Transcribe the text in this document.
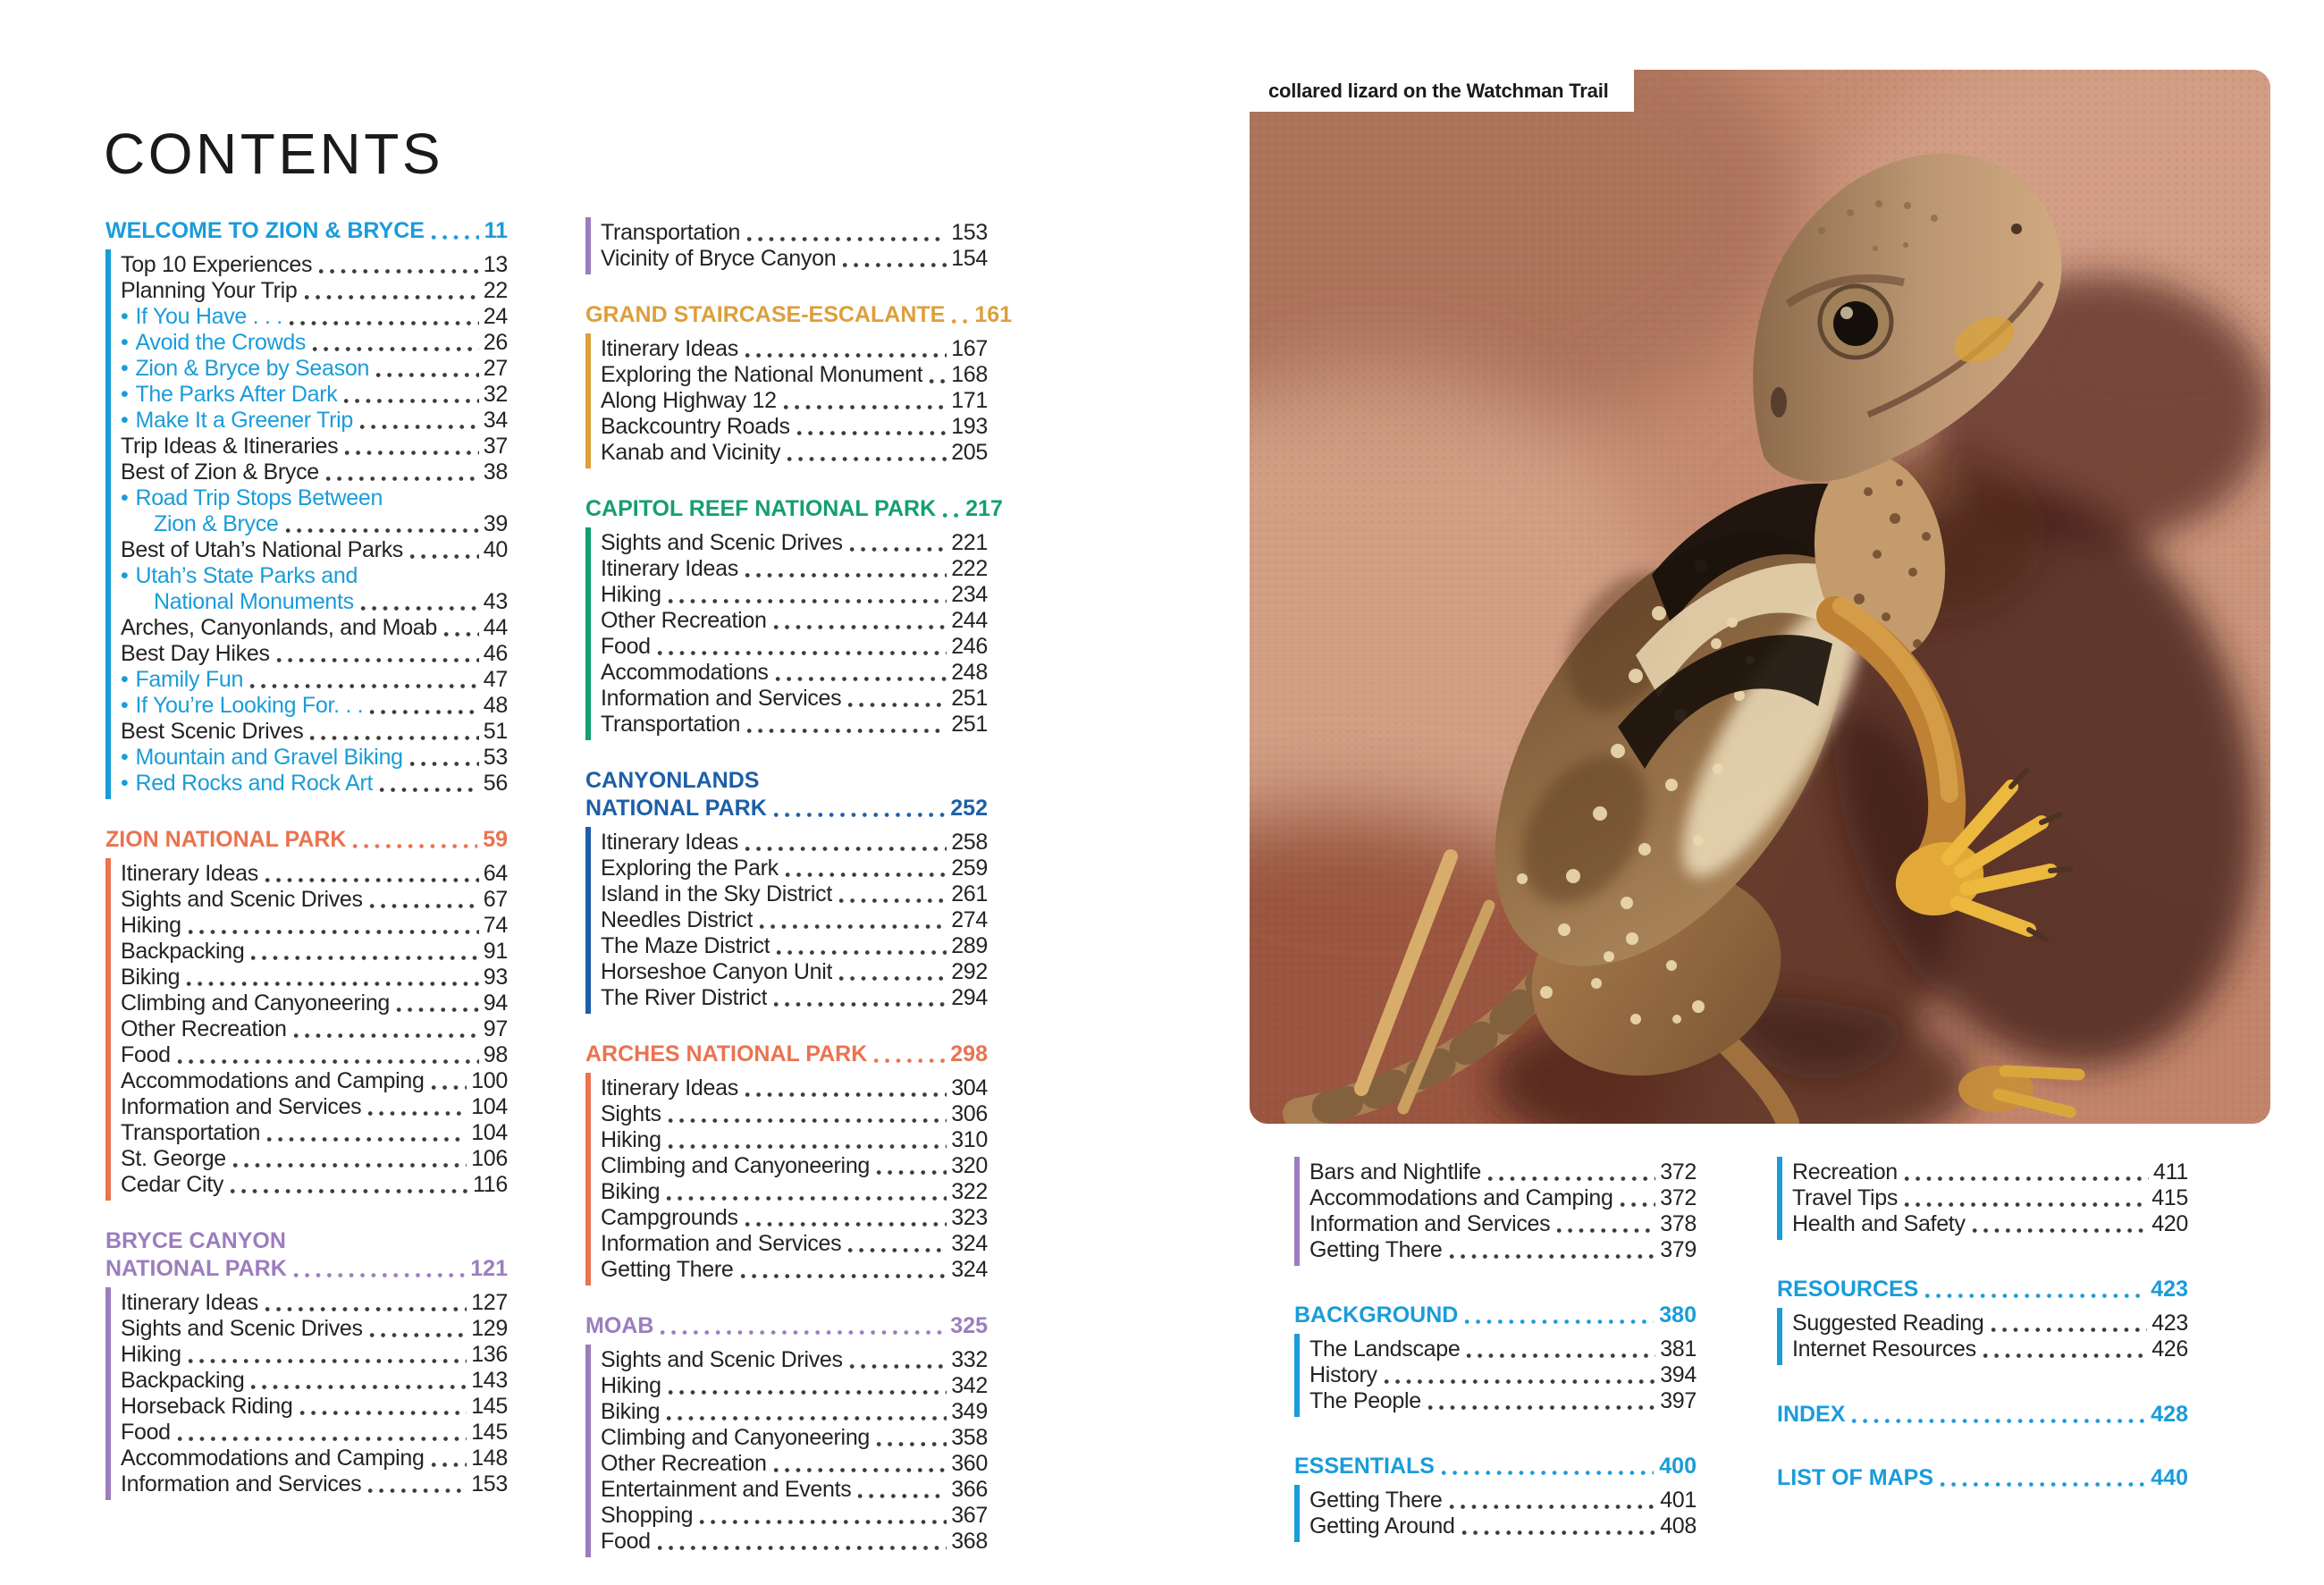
CONTENTS
WELCOME TO ZION & BRYCE	11
Top 10 Experiences	13
Planning Your Trip	22
• If You Have . . .	24
• Avoid the Crowds	26
• Zion & Bryce by Season	27
• The Parks After Dark	32
• Make It a Greener Trip	34
Trip Ideas & Itineraries	37
Best of Zion & Bryce	38
• Road Trip Stops Between
Zion & Bryce	39
Best of Utah’s National Parks	40
• Utah’s State Parks and
National Monuments	43
Arches, Canyonlands, and Moab 44
Best Day Hikes	46
• Family Fun	47
• If You’re Looking For. . .	48
Best Scenic Drives	51
• Mountain and Gravel Biking	53
• Red Rocks and Rock Art	56
ZION NATIONAL PARK	59
Itinerary Ideas	64
Sights and Scenic Drives	67
Hiking	74
Backpacking	91
Biking	93
Climbing and Canyoneering	94
Other Recreation	97
Food	98
Accommodations and Camping 100
Information and Services	104
Transportation	104
St. George	106
Cedar City	116
BRYCE CANYON
NATIONAL PARK	121
Itinerary Ideas	127
Sights and Scenic Drives	129
Hiking	136
Backpacking	143
Horseback Riding	145
Food	145
Accommodations and Camping 148
Information and Services	153
Transportation	153
Vicinity of Bryce Canyon	154
GRAND STAIRCASE-ESCALANTE 161
Itinerary Ideas	167
Exploring the National Monument 168
Along Highway 12	171
Backcountry Roads	193
Kanab and Vicinity	205
CAPITOL REEF NATIONAL PARK 217
Sights and Scenic Drives	221
Itinerary Ideas	222
Hiking	234
Other Recreation	244
Food	246
Accommodations	248
Information and Services	251
Transportation	251
CANYONLANDS
NATIONAL PARK	252
Itinerary Ideas	258
Exploring the Park	259
Island in the Sky District	261
Needles District	274
The Maze District	289
Horseshoe Canyon Unit	292
The River District	294
ARCHES NATIONAL PARK	298
Itinerary Ideas	304
Sights	306
Hiking	310
Climbing and Canyoneering	320
Biking	322
Campgrounds	323
Information and Services	324
Getting There	324
MOAB	325
Sights and Scenic Drives	332
Hiking	342
Biking	349
Climbing and Canyoneering	358
Other Recreation	360
Entertainment and Events	366
Shopping	367
Food	368
Bars and Nightlife	372
Accommodations and Camping 372
Information and Services	378
Getting There	379
BACKGROUND	380
The Landscape	381
History	394
The People	397
ESSENTIALS	400
Getting There	401
Getting Around	408
Recreation	411
Travel Tips	415
Health and Safety	420
RESOURCES	423
Suggested Reading	423
Internet Resources	426
INDEX	428
LIST OF MAPS	440
collared lizard on the Watchman Trail
